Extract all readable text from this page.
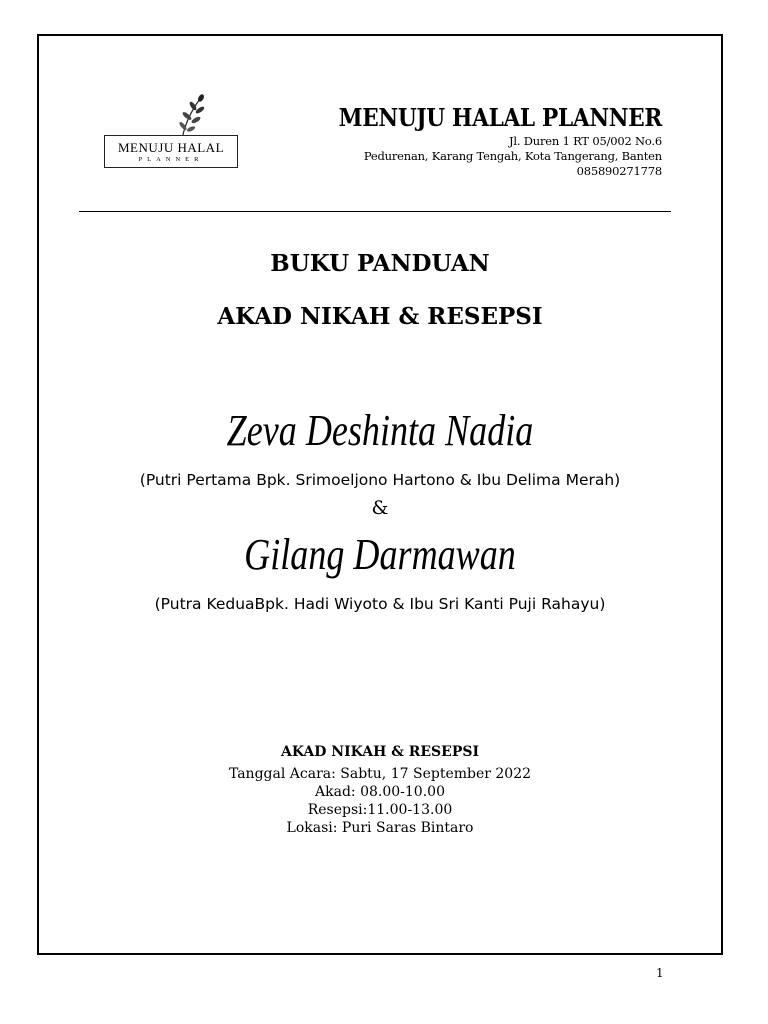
MENUJU HALAL
PLANNER
MENUJU HALAL PLANNER
Jl. Duren 1 RT 05/002 No.6
Pedurenan, Karang Tengah, Kota Tangerang, Banten
085890271778
BUKU PANDUAN
AKAD NIKAH & RESEPSI
Zeva Deshinta Nadia
(Putri Pertama Bpk. Srimoeljono Hartono & Ibu Delima Merah)
&
Gilang Darmawan
(Putra KeduaBpk. Hadi Wiyoto & Ibu Sri Kanti Puji Rahayu)
AKAD NIKAH & RESEPSI
Tanggal Acara: Sabtu, 17 September 2022
Akad: 08.00-10.00
Resepsi:11.00-13.00
Lokasi: Puri Saras Bintaro
1
